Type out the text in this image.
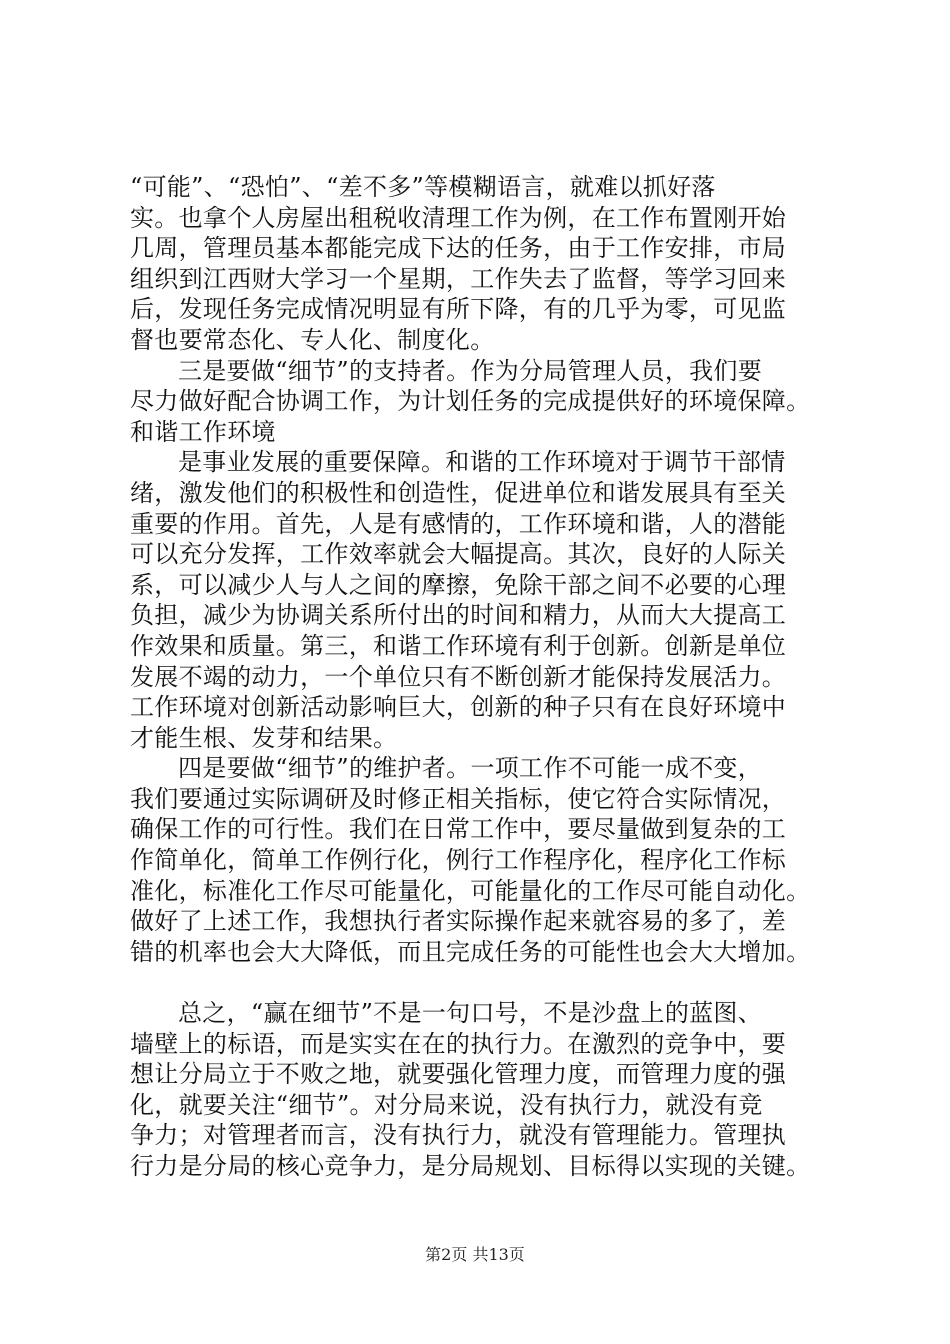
“可能”、“恐怕”、“差不多”等模糊语言，就难以抓好落
实。也拿个人房屋出租税收清理工作为例，在工作布置刚开始
几周，管理员基本都能完成下达的任务，由于工作安排，市局
组织到江西财大学习一个星期，工作失去了监督，等学习回来
后，发现任务完成情况明显有所下降，有的几乎为零，可见监
督也要常态化、专人化、制度化。
三是要做“细节”的支持者。作为分局管理人员，我们要
尽力做好配合协调工作，为计划任务的完成提供好的环境保障。
和谐工作环境
是事业发展的重要保障。和谐的工作环境对于调节干部情
绪，激发他们的积极性和创造性，促进单位和谐发展具有至关
重要的作用。首先，人是有感情的，工作环境和谐，人的潜能
可以充分发挥，工作效率就会大幅提高。其次，良好的人际关
系，可以减少人与人之间的摩擦，免除干部之间不必要的心理
负担，减少为协调关系所付出的时间和精力，从而大大提高工
作效果和质量。第三，和谐工作环境有利于创新。创新是单位
发展不竭的动力，一个单位只有不断创新才能保持发展活力。
工作环境对创新活动影响巨大，创新的种子只有在良好环境中
才能生根、发芽和结果。
四是要做“细节”的维护者。一项工作不可能一成不变，
我们要通过实际调研及时修正相关指标，使它符合实际情况，
确保工作的可行性。我们在日常工作中，要尽量做到复杂的工
作简单化，简单工作例行化，例行工作程序化，程序化工作标
准化，标准化工作尽可能量化，可能量化的工作尽可能自动化。
做好了上述工作，我想执行者实际操作起来就容易的多了，差
错的机率也会大大降低，而且完成任务的可能性也会大大增加。
总之，“赢在细节”不是一句口号，不是沙盘上的蓝图、
墙壁上的标语，而是实实在在的执行力。在激烈的竞争中，要
想让分局立于不败之地，就要强化管理力度，而管理力度的强
化，就要关注“细节”。对分局来说，没有执行力，就没有竞
争力；对管理者而言，没有执行力，就没有管理能力。管理执
行力是分局的核心竞争力，是分局规划、目标得以实现的关键。
第2页 共13页
